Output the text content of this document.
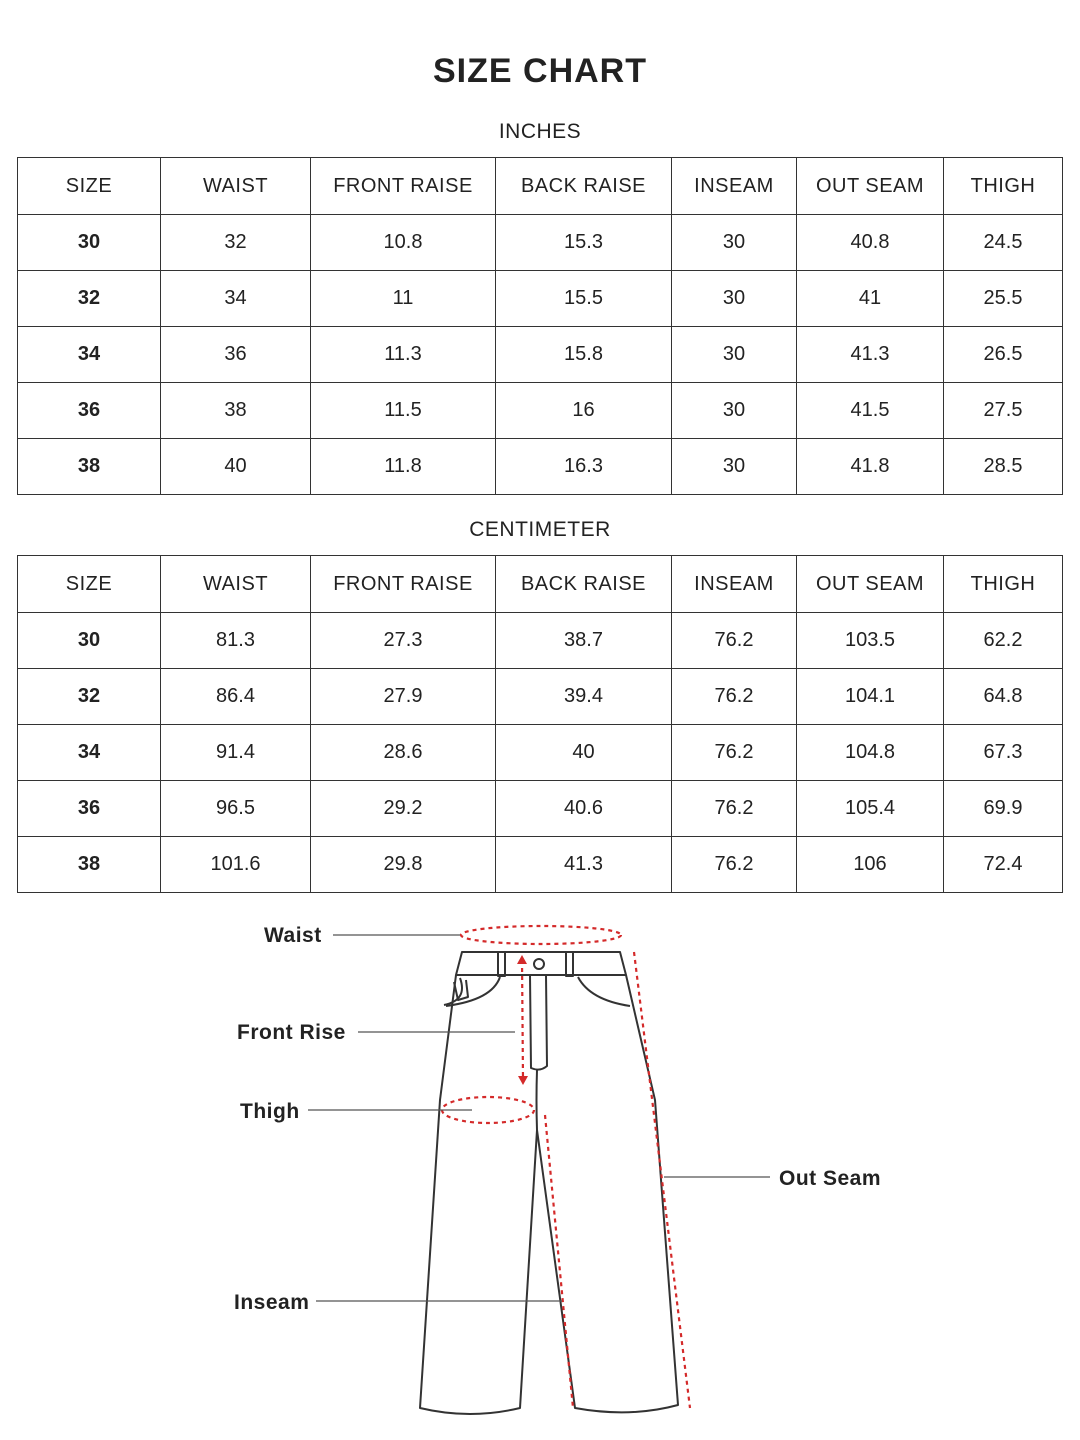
SIZE CHART
INCHES
SIZE	WAIST	FRONT RAISE	BACK RAISE	INSEAM	OUT SEAM	THIGH
30	32	10.8	15.3	30	40.8	24.5
32	34	11	15.5	30	41	25.5
34	36	11.3	15.8	30	41.3	26.5
36	38	11.5	16	30	41.5	27.5
38	40	11.8	16.3	30	41.8	28.5
CENTIMETER
SIZE	WAIST	FRONT RAISE	BACK RAISE	INSEAM	OUT SEAM	THIGH
30	81.3	27.3	38.7	76.2	103.5	62.2
32	86.4	27.9	39.4	76.2	104.1	64.8
34	91.4	28.6	40	76.2	104.8	67.3
36	96.5	29.2	40.6	76.2	105.4	69.9
38	101.6	29.8	41.3	76.2	106	72.4
Waist
Front Rise
Thigh
Inseam
Out Seam
